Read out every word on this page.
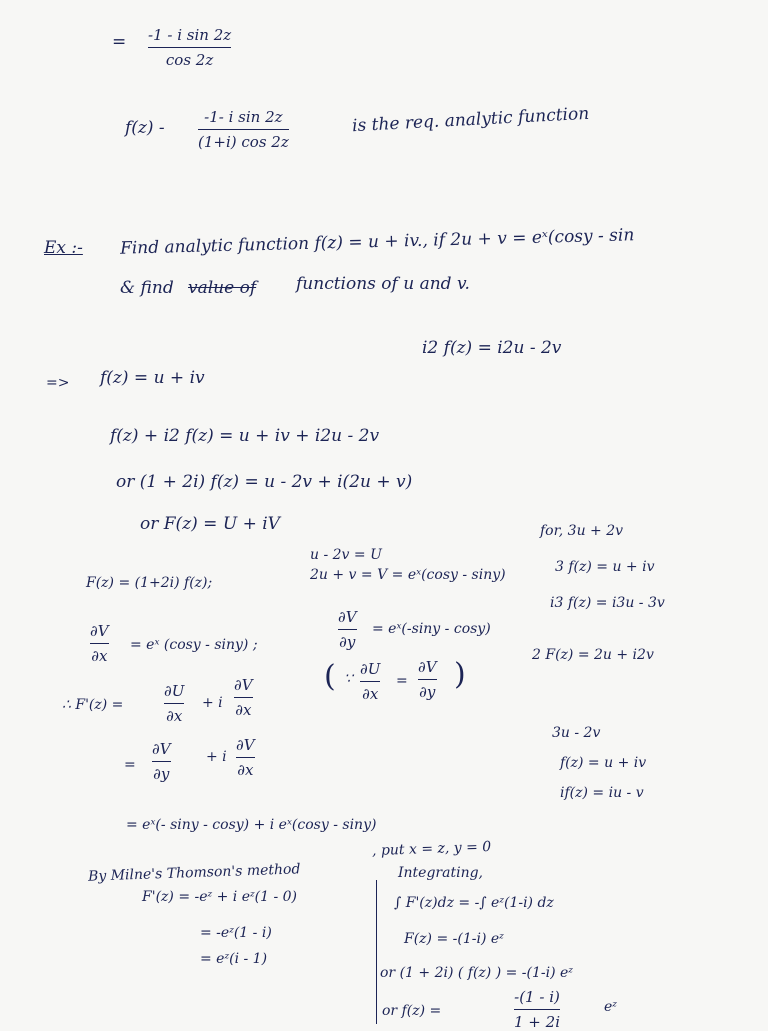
= -1 - i sin 2z
cos 2z
f(z) -
-1- i sin 2z
(1+i) cos 2z
is the req. analytic function
Ex :- Find analytic function f(z) = u + iv., if 2u + v = eˣ(cosy - sin
& find value of functions of u and v.
=> f(z) = u + iv
i2 f(z) = i2u - 2v
f(z) + i2 f(z) = u + iv + i2u - 2v
or (1 + 2i) f(z) = u - 2v + i(2u + v)
or F(z) = U + iV
F(z) = (1+2i) f(z);
u - 2v = U
2u + v = V = eˣ(cosy - siny)
for, 3u + 2v
3 f(z) = u + iv
i3 f(z) = i3u - 3v
2 F(z) = 2u + i2v
3u - 2v
f(z) = u + iv
if(z) = iu - v
∂V
∂x
= eˣ (cosy - siny) ;
∂V
∂y
= eˣ(-siny - cosy)
∴ F'(z) =
∂U
∂x
+ i
∂V
∂x
( ∵
∂U
∂x
=
∂V
∂y )
=
∂V
∂y
+ i
∂V
∂x
= eˣ(- siny - cosy) + i eˣ(cosy - siny)
By Milne's Thomson's method
, put x = z, y = 0
Integrating,
F'(z) = -eᶻ + i eᶻ(1 - 0)
= -eᶻ(1 - i)
= eᶻ(i - 1)
∫ F'(z)dz = -∫ eᶻ(1-i) dz
F(z) = -(1-i) eᶻ
or (1 + 2i) ( f(z) ) = -(1-i) eᶻ
or f(z) =
-(1 - i)
1 + 2i
eᶻ
